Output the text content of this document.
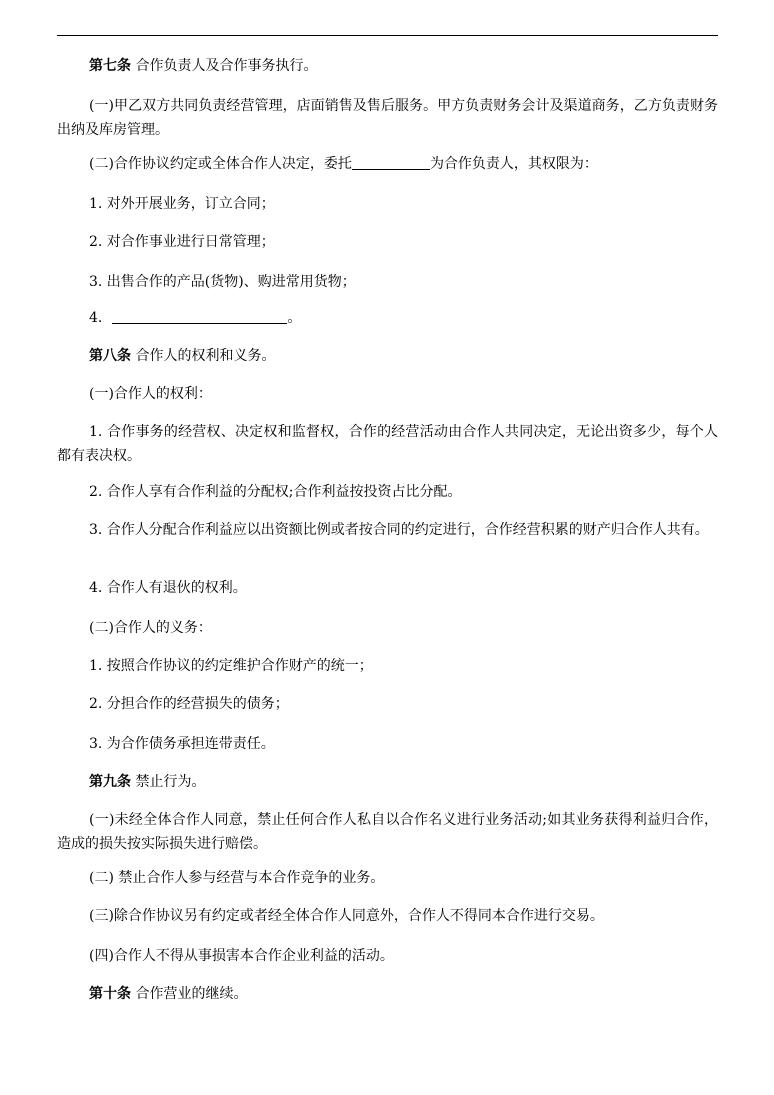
第七条 合作负责人及合作事务执行。

(一)甲乙双方共同负责经营管理，店面销售及售后服务。甲方负责财务会计及渠道商务，乙方负责财务出纳及库房管理。

(二)合作协议约定或全体合作人决定，委托	为合作负责人，其权限为：

1. 对外开展业务，订立合同；

2. 对合作事业进行日常管理；

3. 出售合作的产品(货物)、购进常用货物；

4.	。

第八条 合作人的权利和义务。

(一)合作人的权利：

1. 合作事务的经营权、决定权和监督权，合作的经营活动由合作人共同决定，无论出资多少，每个人都有表决权。

2. 合作人享有合作利益的分配权;合作利益按投资占比分配。

3. 合作人分配合作利益应以出资额比例或者按合同的约定进行，合作经营积累的财产归合作人共有。

4. 合作人有退伙的权利。

(二)合作人的义务：

1. 按照合作协议的约定维护合作财产的统一；

2. 分担合作的经营损失的债务；

3. 为合作债务承担连带责任。

第九条 禁止行为。

(一)未经全体合作人同意，禁止任何合作人私自以合作名义进行业务活动;如其业务获得利益归合作，造成的损失按实际损失进行赔偿。

(二) 禁止合作人参与经营与本合作竞争的业务。

(三)除合作协议另有约定或者经全体合作人同意外，合作人不得同本合作进行交易。

(四)合作人不得从事损害本合作企业利益的活动。

第十条 合作营业的继续。
